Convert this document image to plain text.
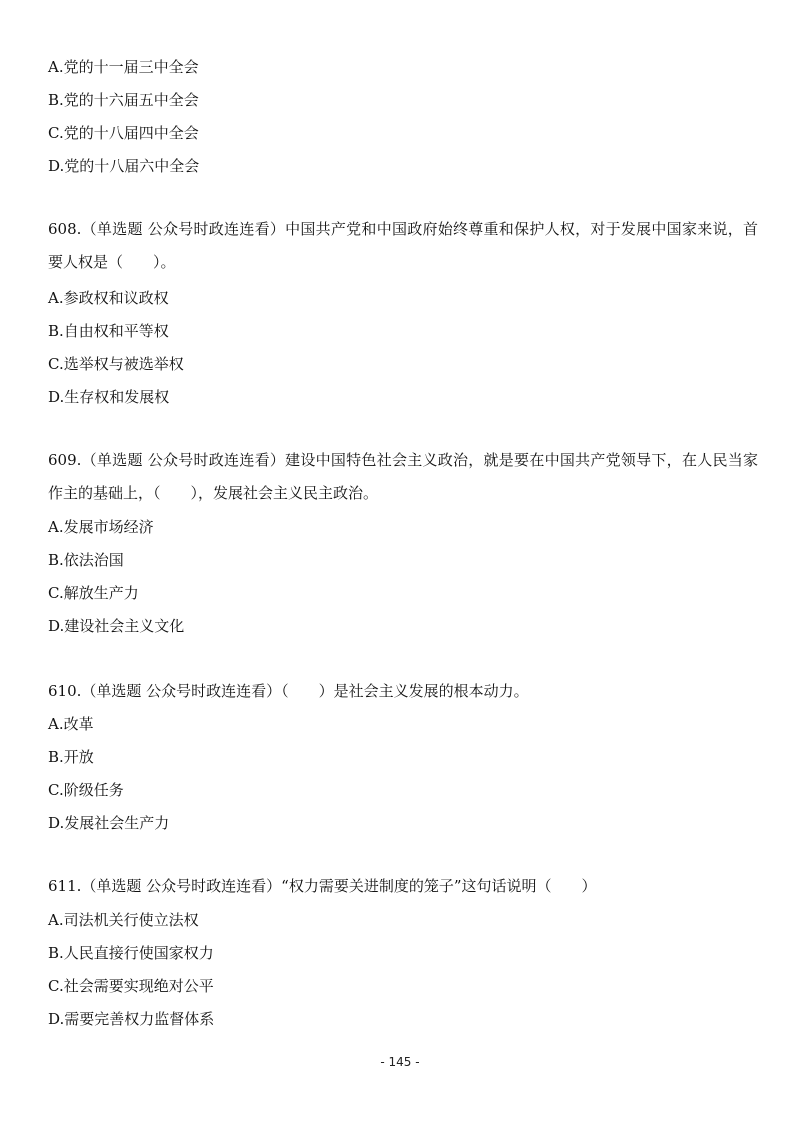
A.党的十一届三中全会
B.党的十六届五中全会
C.党的十八届四中全会
D.党的十八届六中全会
608.（单选题 公众号时政连连看）中国共产党和中国政府始终尊重和保护人权，对于发展中国家来说，首要人权是（　　）。
A.参政权和议政权
B.自由权和平等权
C.选举权与被选举权
D.生存权和发展权
609.（单选题 公众号时政连连看）建设中国特色社会主义政治，就是要在中国共产党领导下，在人民当家作主的基础上，（　　），发展社会主义民主政治。
A.发展市场经济
B.依法治国
C.解放生产力
D.建设社会主义文化
610.（单选题 公众号时政连连看）（　　）是社会主义发展的根本动力。
A.改革
B.开放
C.阶级任务
D.发展社会生产力
611.（单选题 公众号时政连连看）“权力需要关进制度的笼子”这句话说明（　　）
A.司法机关行使立法权
B.人民直接行使国家权力
C.社会需要实现绝对公平
D.需要完善权力监督体系
- 145 -
